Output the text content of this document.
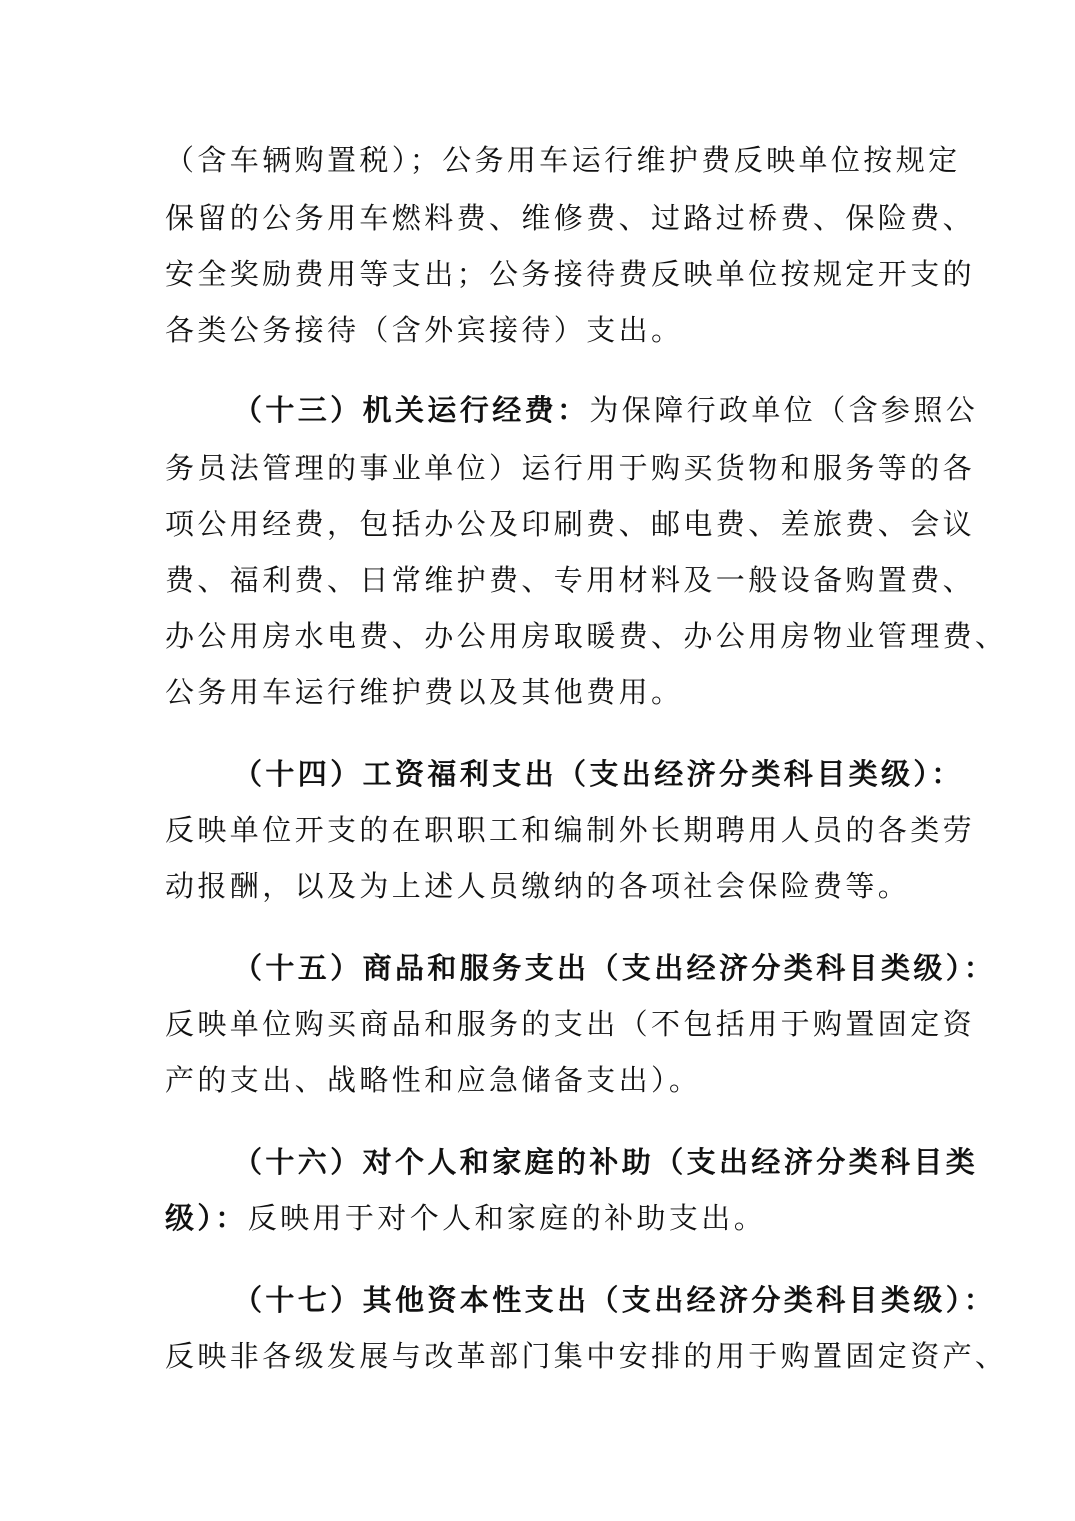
（含车辆购置税）；公务用车运行维护费反映单位按规定
保留的公务用车燃料费、维修费、过路过桥费、保险费、
安全奖励费用等支出；公务接待费反映单位按规定开支的
各类公务接待（含外宾接待）支出。
（十三）机关运行经费：为保障行政单位（含参照公
务员法管理的事业单位）运行用于购买货物和服务等的各
项公用经费，包括办公及印刷费、邮电费、差旅费、会议
费、福利费、日常维护费、专用材料及一般设备购置费、
办公用房水电费、办公用房取暖费、办公用房物业管理费、
公务用车运行维护费以及其他费用。
（十四）工资福利支出（支出经济分类科目类级）：
反映单位开支的在职职工和编制外长期聘用人员的各类劳
动报酬，以及为上述人员缴纳的各项社会保险费等。
（十五）商品和服务支出（支出经济分类科目类级）：
反映单位购买商品和服务的支出（不包括用于购置固定资
产的支出、战略性和应急储备支出）。
（十六）对个人和家庭的补助（支出经济分类科目类
级）：反映用于对个人和家庭的补助支出。
（十七）其他资本性支出（支出经济分类科目类级）：
反映非各级发展与改革部门集中安排的用于购置固定资产、
